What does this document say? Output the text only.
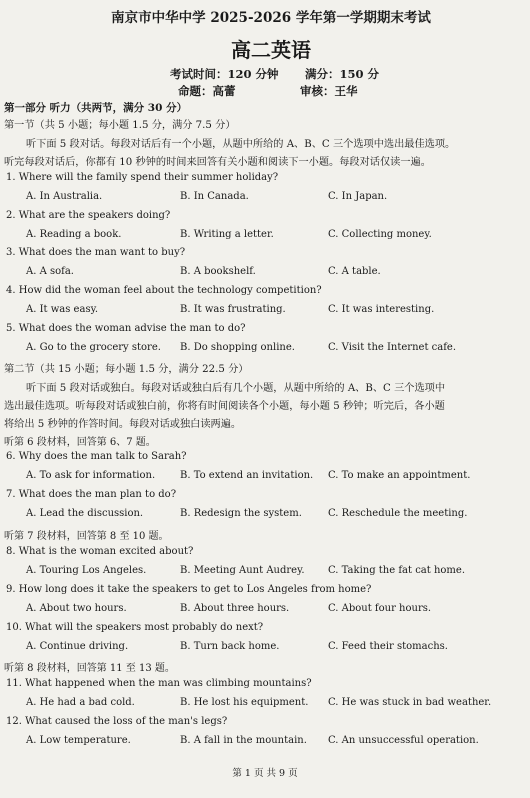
南京市中华中学 2025-2026 学年第一学期期末考试
高二英语
考试时间：120 分钟 满分：150 分
命题：高蕾	审核：王华
第一部分 听力（共两节，满分 30 分）
第一节（共 5 小题；每小题 1.5 分，满分 7.5 分）
听下面 5 段对话。每段对话后有一个小题，从题中所给的 A、B、C 三个选项中选出最佳选项。
听完每段对话后，你都有 10 秒钟的时间来回答有关小题和阅读下一小题。每段对话仅读一遍。
1. Where will the family spend their summer holiday?
A. In Australia.	B. In Canada.	C. In Japan.
2. What are the speakers doing?
A. Reading a book.	B. Writing a letter.	C. Collecting money.
3. What does the man want to buy?
A. A sofa.	B. A bookshelf.	C. A table.
4. How did the woman feel about the technology competition?
A. It was easy.	B. It was frustrating.	C. It was interesting.
5. What does the woman advise the man to do?
A. Go to the grocery store. B. Do shopping online.	C. Visit the Internet cafe.
第二节（共 15 小题；每小题 1.5 分，满分 22.5 分）
听下面 5 段对话或独白。每段对话或独白后有几个小题，从题中所给的 A、B、C 三个选项中
选出最佳选项。听每段对话或独白前，你将有时间阅读各个小题，每小题 5 秒钟；听完后，各小题
将给出 5 秒钟的作答时间。每段对话或独白读两遍。
听第 6 段材料，回答第 6、7 题。
6. Why does the man talk to Sarah?
A. To ask for information. B. To extend an invitation. C. To make an appointment.
7. What does the man plan to do?
A. Lead the discussion.	B. Redesign the system.	C. Reschedule the meeting.
听第 7 段材料，回答第 8 至 10 题。
8. What is the woman excited about?
A. Touring Los Angeles.	B. Meeting Aunt Audrey. C. Taking the fat cat home.
9. How long does it take the speakers to get to Los Angeles from home?
A. About two hours.	B. About three hours.	C. About four hours.
10. What will the speakers most probably do next?
A. Continue driving.	B. Turn back home.	C. Feed their stomachs.
听第 8 段材料，回答第 11 至 13 题。
11. What happened when the man was climbing mountains?
A. He had a bad cold.	B. He lost his equipment. C. He was stuck in bad weather.
12. What caused the loss of the man's legs?
A. Low temperature.	B. A fall in the mountain. C. An unsuccessful operation.
第 1 页 共 9 页
